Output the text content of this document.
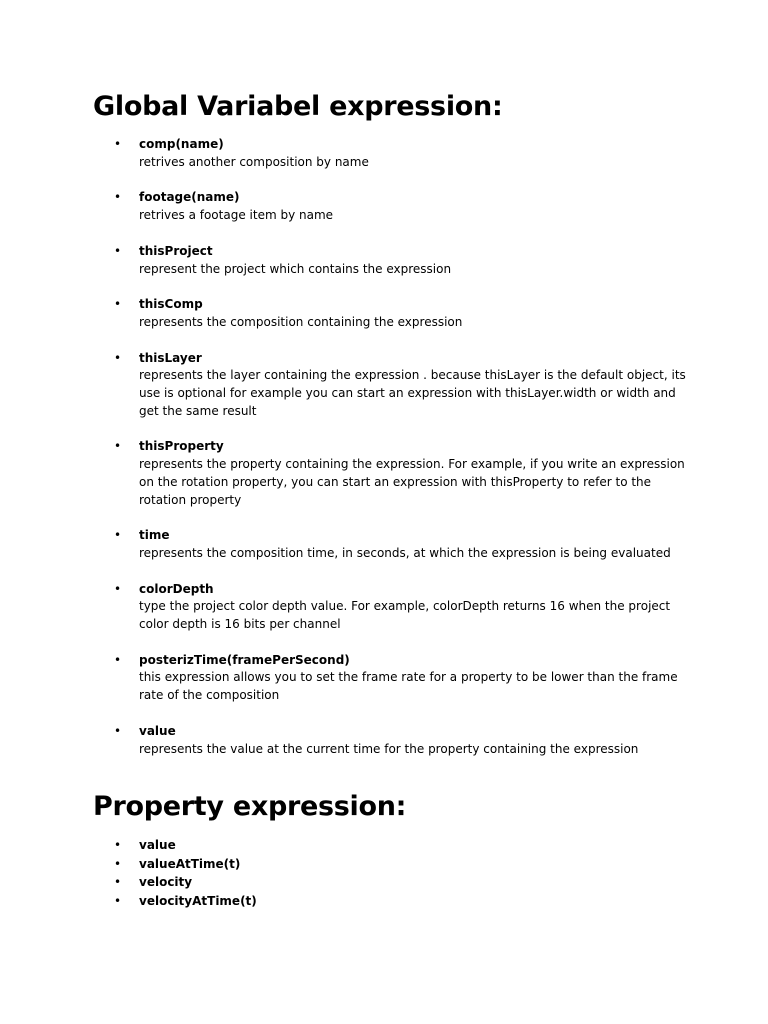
Global Variabel expression:
• comp(name)
retrives another composition by name
• footage(name)
retrives a footage item by name
• thisProject
represent the project which contains the expression
• thisComp
represents the composition containing the expression
• thisLayer
represents the layer containing the expression . because thisLayer is the default object, its use is optional for example you can start an expression with thisLayer.width or width and get the same result
• thisProperty
represents the property containing the expression. For example, if you write an expression on the rotation property, you can start an expression with thisProperty to refer to the rotation property
• time
represents the composition time, in seconds, at which the expression is being evaluated
• colorDepth
type the project color depth value. For example, colorDepth returns 16 when the project color depth is 16 bits per channel
• posterizTime(framePerSecond)
this expression allows you to set the frame rate for a property to be lower than the frame rate of the composition
• value
represents the value at the current time for the property containing the expression
Property expression:
• value
• valueAtTime(t)
• velocity
• velocityAtTime(t)
